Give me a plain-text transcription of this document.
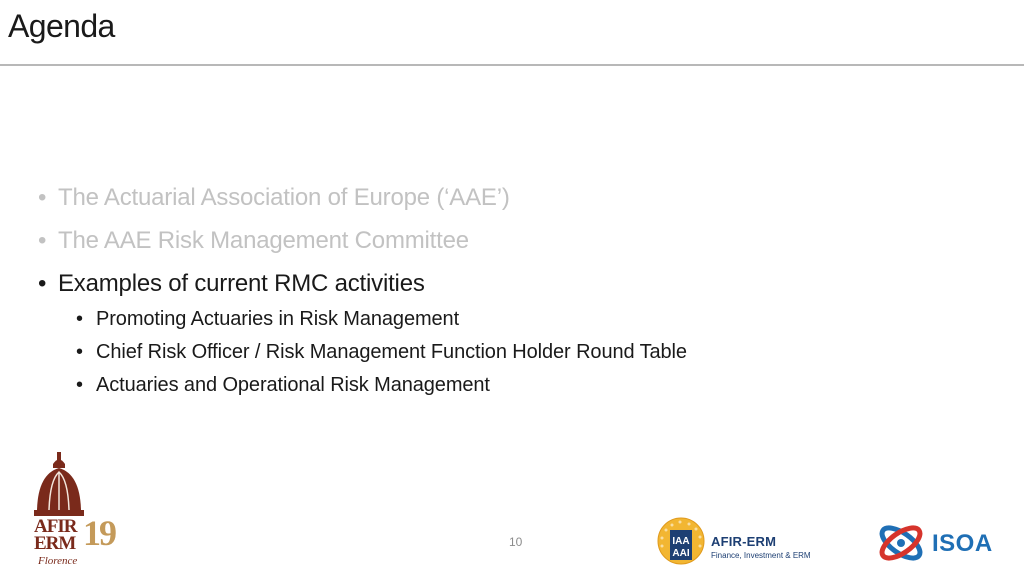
Agenda
• The Actuarial Association of Europe (‘AAE’)
• The AAE Risk Management Committee
• Examples of current RMC activities
• Promoting Actuaries in Risk Management
• Chief Risk Officer / Risk Management Function Holder Round Table
• Actuaries and Operational Risk Management
AFIR
ERM 19
Florence
10	IAA
AAI
AFIR-ERM
Finance, Investment & ERM	ISOA
